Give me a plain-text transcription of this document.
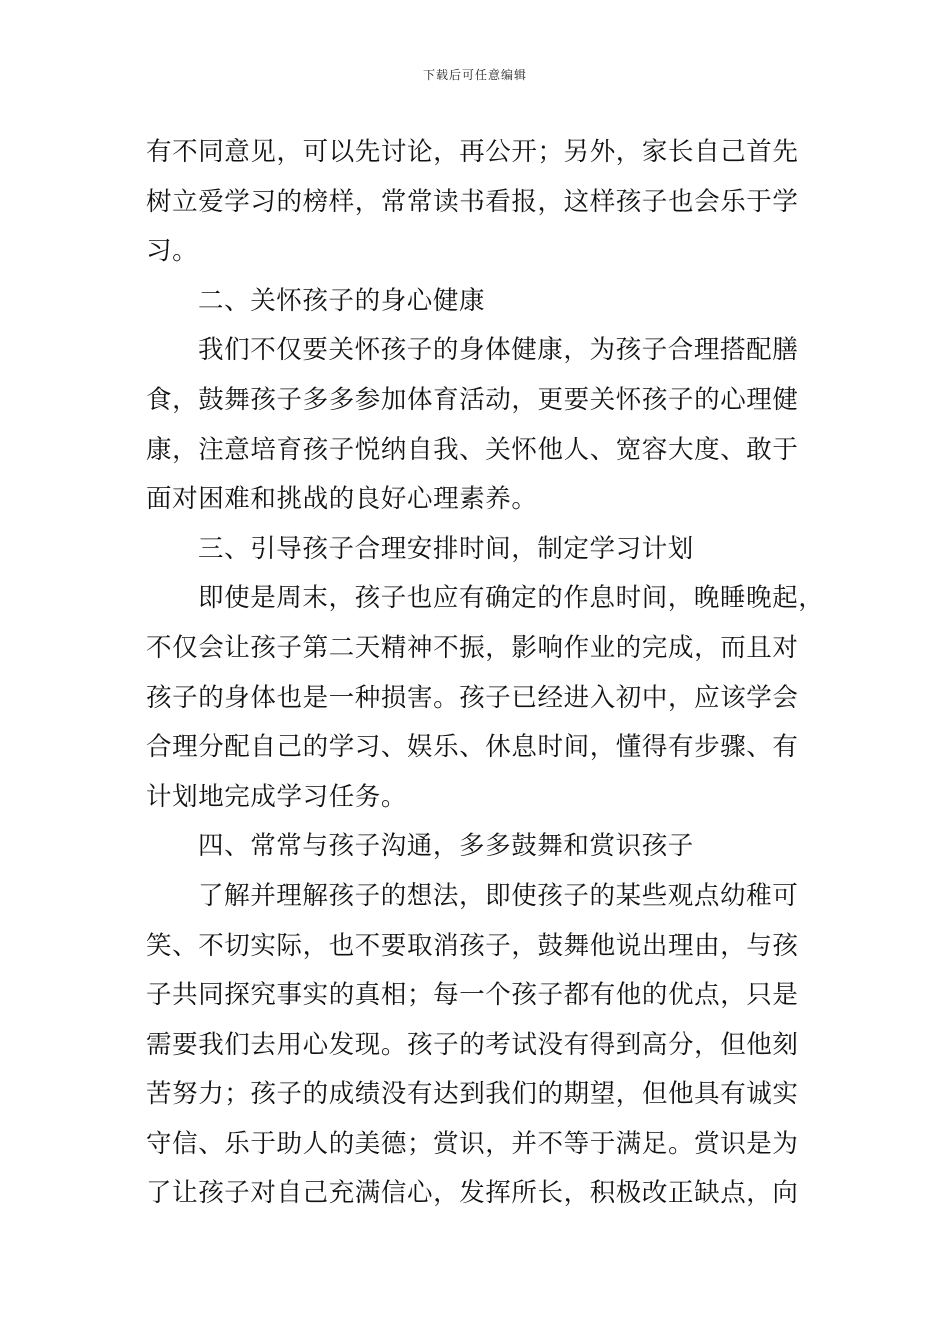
下载后可任意编辑
有不同意见，可以先讨论，再公开；另外，家长自己首先
树立爱学习的榜样，常常读书看报，这样孩子也会乐于学
习。
二、关怀孩子的身心健康
我们不仅要关怀孩子的身体健康，为孩子合理搭配膳
食，鼓舞孩子多多参加体育活动，更要关怀孩子的心理健
康，注意培育孩子悦纳自我、关怀他人、宽容大度、敢于
面对困难和挑战的良好心理素养。
三、引导孩子合理安排时间，制定学习计划
即使是周末，孩子也应有确定的作息时间，晚睡晚起，
不仅会让孩子第二天精神不振，影响作业的完成，而且对
孩子的身体也是一种损害。孩子已经进入初中，应该学会
合理分配自己的学习、娱乐、休息时间，懂得有步骤、有
计划地完成学习任务。
四、常常与孩子沟通，多多鼓舞和赏识孩子
了解并理解孩子的想法，即使孩子的某些观点幼稚可
笑、不切实际，也不要取消孩子，鼓舞他说出理由，与孩
子共同探究事实的真相；每一个孩子都有他的优点，只是
需要我们去用心发现。孩子的考试没有得到高分，但他刻
苦努力；孩子的成绩没有达到我们的期望，但他具有诚实
守信、乐于助人的美德；赏识，并不等于满足。赏识是为
了让孩子对自己充满信心，发挥所长，积极改正缺点，向
